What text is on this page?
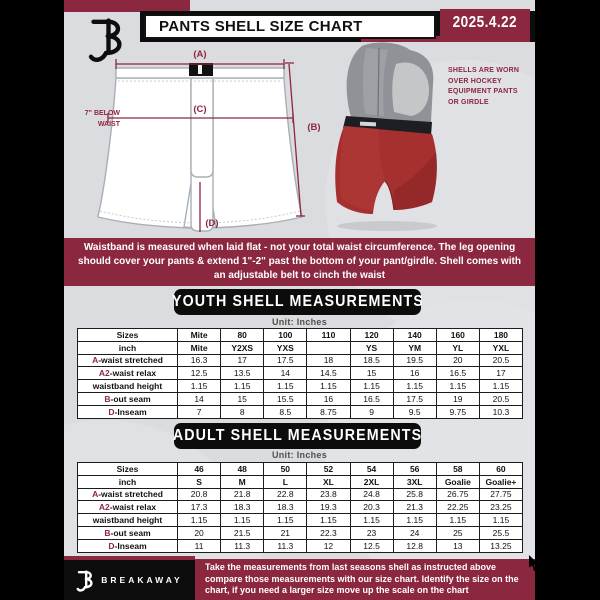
PANTS SHELL SIZE CHART	2025.4.22
(A)
(C)
(B)
(D)
7" BELOW
WAIST
SHELLS ARE WORN OVER HOCKEY EQUIPMENT PANTS OR GIRDLE
Waistband is measured when laid flat - not your total waist circumference. The leg opening should cover your pants & extend 1"-2" past the bottom of your pant/girdle. Shell comes with an adjustable belt to cinch the waist
YOUTH SHELL MEASUREMENTS
Unit: Inches
Sizes	Mite	80	100	110	120	140	160	180
inch	Mite	Y2XS	YXS		YS	YM	YL	YXL
A-waist stretched	16.3	17	17.5	18	18.5	19.5	20	20.5
A2-waist relax	12.5	13.5	14	14.5	15	16	16.5	17
waistband height	1.15	1.15	1.15	1.15	1.15	1.15	1.15	1.15
B-out seam	14	15	15.5	16	16.5	17.5	19	20.5
D-Inseam	7	8	8.5	8.75	9	9.5	9.75	10.3
ADULT SHELL MEASUREMENTS
Unit: Inches
Sizes	46	48	50	52	54	56	58	60
inch	S	M	L	XL	2XL	3XL	Goalie	Goalie+
A-waist stretched	20.8	21.8	22.8	23.8	24.8	25.8	26.75	27.75
A2-waist relax	17.3	18.3	18.3	19.3	20.3	21.3	22.25	23.25
waistband height	1.15	1.15	1.15	1.15	1.15	1.15	1.15	1.15
B-out seam	20	21.5	21	22.3	23	24	25	25.5
D-Inseam	11	11.3	11.3	12	12.5	12.8	13	13.25
BREAKAWAY
Take the measurements from last seasons shell as instructed above compare those measurements with our size chart. Identify the size on the chart, if you need a larger size move up the scale on the chart
